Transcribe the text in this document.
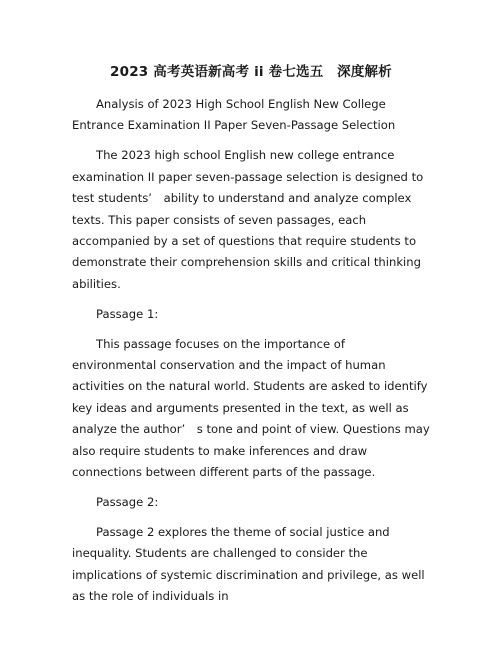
2023 高考英语新高考 ii 卷七选五　深度解析

Analysis of 2023 High School English New College Entrance Examination II Paper Seven-Passage Selection

The 2023 high school English new college entrance examination II paper seven-passage selection is designed to test students’　ability to understand and analyze complex texts. This paper consists of seven passages, each accompanied by a set of questions that require students to demonstrate their comprehension skills and critical thinking abilities.

Passage 1:

This passage focuses on the importance of environmental conservation and the impact of human activities on the natural world. Students are asked to identify key ideas and arguments presented in the text, as well as analyze the author’　s tone and point of view. Questions may also require students to make inferences and draw connections between different parts of the passage.

Passage 2:

Passage 2 explores the theme of social justice and inequality. Students are challenged to consider the implications of systemic discrimination and privilege, as well as the role of individuals in
